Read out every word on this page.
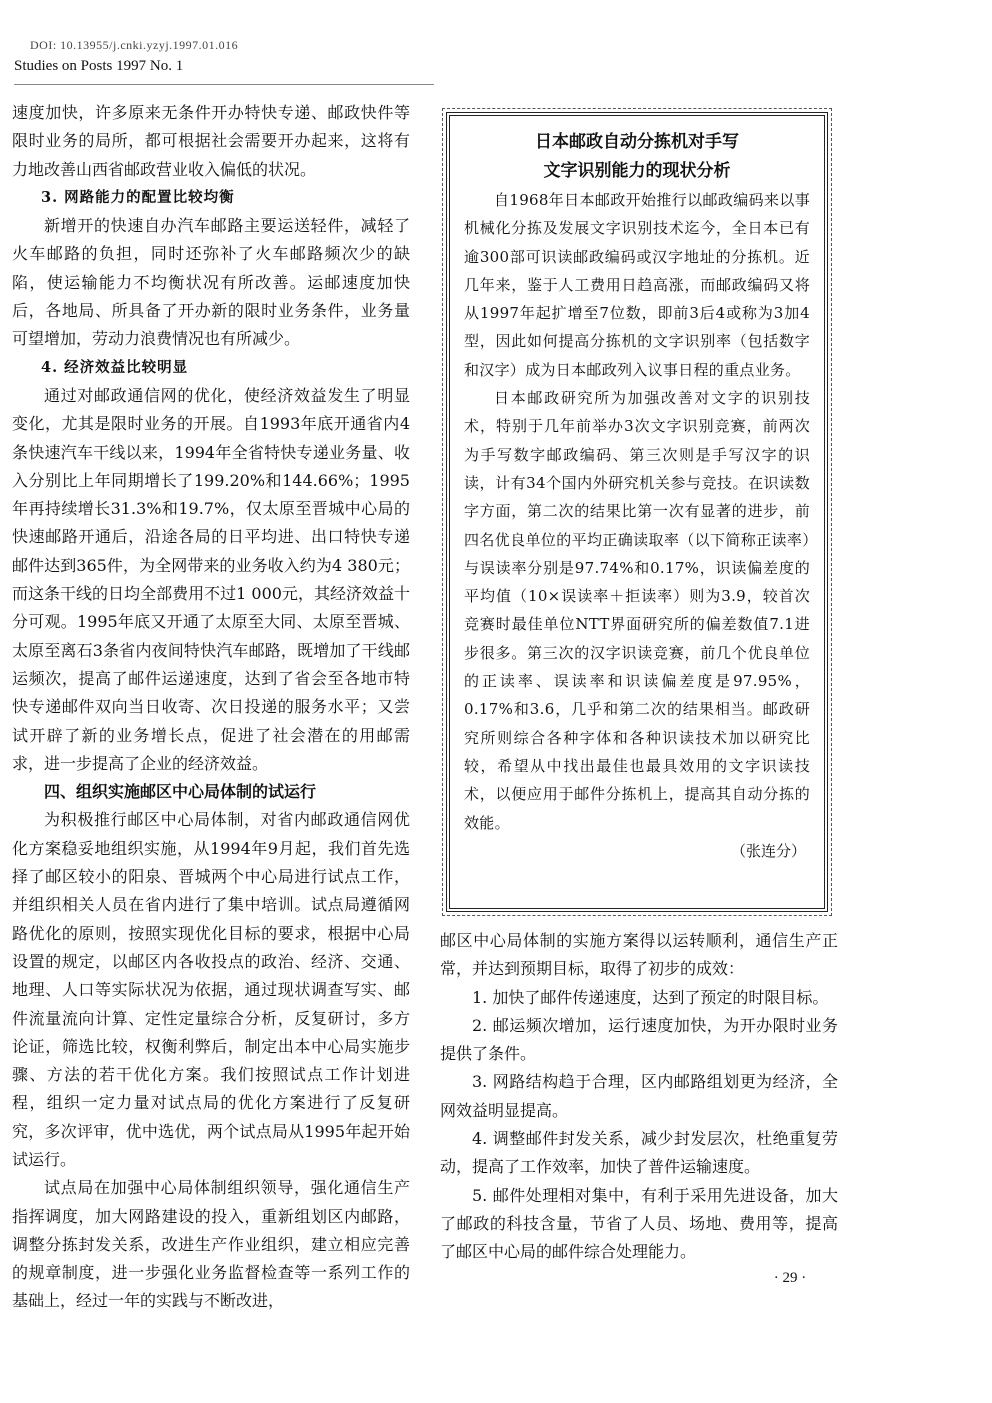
DOI: 10.13955/j.cnki.yzyj.1997.01.016
Studies on Posts 1997 No. 1

速度加快，许多原来无条件开办特快专递、邮政快件等限时业务的局所，都可根据社会需要开办起来，这将有力地改善山西省邮政营业收入偏低的状况。

3. 网路能力的配置比较均衡

新增开的快速自办汽车邮路主要运送轻件，减轻了火车邮路的负担，同时还弥补了火车邮路频次少的缺陷，使运输能力不均衡状况有所改善。运邮速度加快后，各地局、所具备了开办新的限时业务条件，业务量可望增加，劳动力浪费情况也有所减少。

4. 经济效益比较明显

通过对邮政通信网的优化，使经济效益发生了明显变化，尤其是限时业务的开展。自1993年底开通省内4条快速汽车干线以来，1994年全省特快专递业务量、收入分别比上年同期增长了199.20%和144.66%；1995年再持续增长31.3%和19.7%，仅太原至晋城中心局的快速邮路开通后，沿途各局的日平均进、出口特快专递邮件达到365件，为全网带来的业务收入约为4 380元；而这条干线的日均全部费用不过1 000元，其经济效益十分可观。1995年底又开通了太原至大同、太原至晋城、太原至离石3条省内夜间特快汽车邮路，既增加了干线邮运频次，提高了邮件运递速度，达到了省会至各地市特快专递邮件双向当日收寄、次日投递的服务水平；又尝试开辟了新的业务增长点，促进了社会潜在的用邮需求，进一步提高了企业的经济效益。

四、组织实施邮区中心局体制的试运行

为积极推行邮区中心局体制，对省内邮政通信网优化方案稳妥地组织实施，从1994年9月起，我们首先选择了邮区较小的阳泉、晋城两个中心局进行试点工作，并组织相关人员在省内进行了集中培训。试点局遵循网路优化的原则，按照实现优化目标的要求，根据中心局设置的规定，以邮区内各收投点的政治、经济、交通、地理、人口等实际状况为依据，通过现状调查写实、邮件流量流向计算、定性定量综合分析，反复研讨，多方论证，筛选比较，权衡利弊后，制定出本中心局实施步骤、方法的若干优化方案。我们按照试点工作计划进程，组织一定力量对试点局的优化方案进行了反复研究，多次评审，优中选优，两个试点局从1995年起开始试运行。

试点局在加强中心局体制组织领导，强化通信生产指挥调度，加大网路建设的投入，重新组划区内邮路，调整分拣封发关系，改进生产作业组织，建立相应完善的规章制度，进一步强化业务监督检查等一系列工作的基础上，经过一年的实践与不断改进，

日本邮政自动分拣机对手写

文字识别能力的现状分析

自1968年日本邮政开始推行以邮政编码来以事机械化分拣及发展文字识别技术迄今，全日本已有逾300部可识读邮政编码或汉字地址的分拣机。近几年来，鉴于人工费用日趋高涨，而邮政编码又将从1997年起扩增至7位数，即前3后4或称为3加4型，因此如何提高分拣机的文字识别率（包括数字和汉字）成为日本邮政列入议事日程的重点业务。

日本邮政研究所为加强改善对文字的识别技术，特别于几年前举办3次文字识别竞赛，前两次为手写数字邮政编码、第三次则是手写汉字的识读，计有34个国内外研究机关参与竞技。在识读数字方面，第二次的结果比第一次有显著的进步，前四名优良单位的平均正确读取率（以下简称正读率）与误读率分别是97.74%和0.17%，识读偏差度的平均值（10×误读率＋拒读率）则为3.9，较首次竞赛时最佳单位NTT界面研究所的偏差数值7.1进步很多。第三次的汉字识读竞赛，前几个优良单位的正读率、误读率和识读偏差度是97.95%，0.17%和3.6，几乎和第二次的结果相当。邮政研究所则综合各种字体和各种识读技术加以研究比较，希望从中找出最佳也最具效用的文字识读技术，以便应用于邮件分拣机上，提高其自动分拣的效能。

（张连分）

邮区中心局体制的实施方案得以运转顺利，通信生产正常，并达到预期目标，取得了初步的成效：

1. 加快了邮件传递速度，达到了预定的时限目标。

2. 邮运频次增加，运行速度加快，为开办限时业务提供了条件。

3. 网路结构趋于合理，区内邮路组划更为经济，全网效益明显提高。

4. 调整邮件封发关系，减少封发层次，杜绝重复劳动，提高了工作效率，加快了普件运输速度。

5. 邮件处理相对集中，有利于采用先进设备，加大了邮政的科技含量，节省了人员、场地、费用等，提高了邮区中心局的邮件综合处理能力。

· 29 ·
